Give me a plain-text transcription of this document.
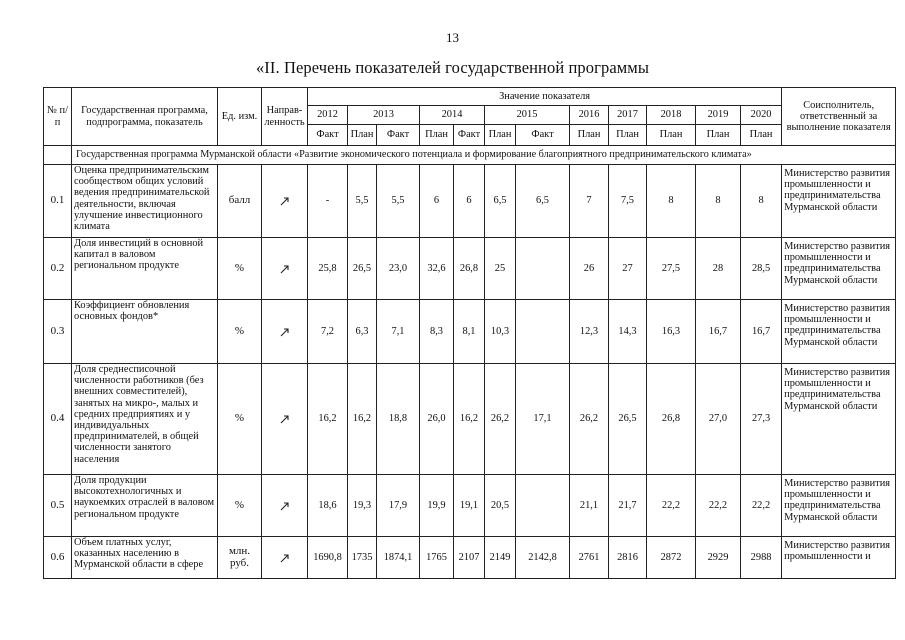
13
«II. Перечень показателей государственной программы
№ п/п	Государственная программа, подпрограмма, показатель	Ед. изм.	Направ-ленность	Значение показателя												Соисполнитель, ответственный за выполнение показателя
				2012	2013		2014		2015		2016	2017	2018	2019	2020	
				Факт	План	Факт	План	Факт	План	Факт	План	План	План	План	План	
	Государственная программа Мурманской области «Развитие экономического потенциала и формирование благоприятного предпринимательского климата»															
0.1	Оценка предпринимательским сообществом общих условий ведения предпринимательской деятельности, включая улучшение инвестиционного климата	балл		-	5,5	5,5	6	6	6,5	6,5	7	7,5	8	8	8	Министерство развития промышленности и предпринимательства Мурманской области
0.2	Доля инвестиций в основной капитал в валовом региональном продукте	%		25,8	26,5	23,0	32,6	26,8	25		26	27	27,5	28	28,5	Министерство развития промышленности и предпринимательства Мурманской области
0.3	Коэффициент обновления основных фондов*	%		7,2	6,3	7,1	8,3	8,1	10,3		12,3	14,3	16,3	16,7	16,7	Министерство развития промышленности и предпринимательства Мурманской области
0.4	Доля среднесписочной численности работников (без внешних совместителей), занятых на микро-, малых и средних предприятиях и у индивидуальных предпринимателей, в общей численности занятого населения	%		16,2	16,2	18,8	26,0	16,2	26,2	17,1	26,2	26,5	26,8	27,0	27,3	Министерство развития промышленности и предпринимательства Мурманской области
0.5	Доля продукции высокотехнологичных и наукоемких отраслей в валовом региональном продукте	%		18,6	19,3	17,9	19,9	19,1	20,5		21,1	21,7	22,2	22,2	22,2	Министерство развития промышленности и предпринимательства Мурманской области
0.6	Объем платных услуг, оказанных населению в Мурманской области в сфере	млн. руб.		1690,8	1735	1874,1	1765	2107	2149	2142,8	2761	2816	2872	2929	2988	Министерство развития промышленности и
